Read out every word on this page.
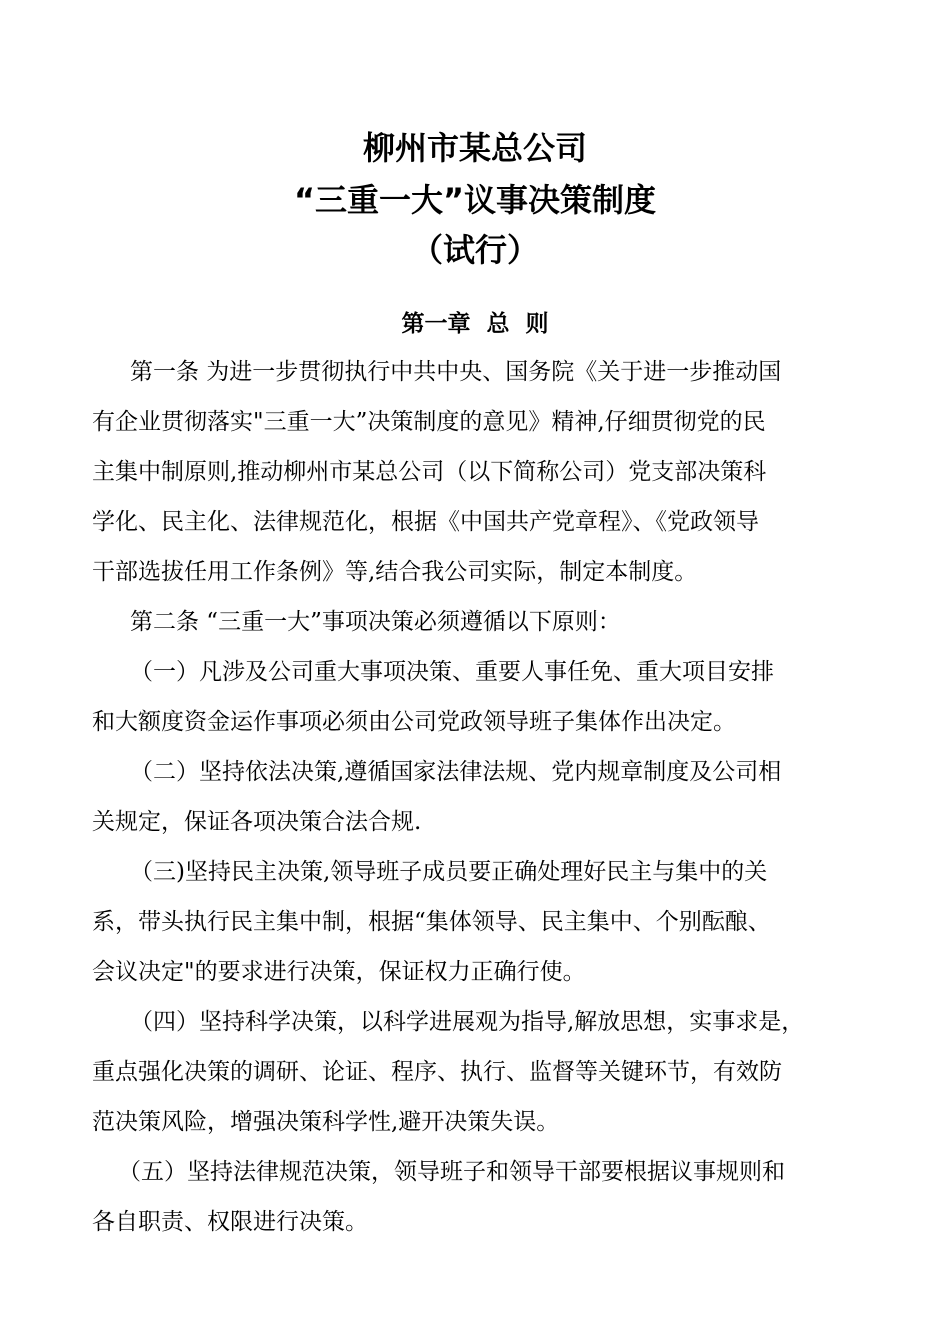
柳州市某总公司
“三重一大”议事决策制度
（试行）
第一章  总  则
第一条 为进一步贯彻执行中共中央、国务院《关于进一步推动国
有企业贯彻落实"三重一大”决策制度的意见》精神,仔细贯彻党的民
主集中制原则,推动柳州市某总公司（以下简称公司）党支部决策科
学化、民主化、法律规范化，根据《中国共产党章程》、《党政领导
干部选拔任用工作条例》等,结合我公司实际，制定本制度。
第二条 “三重一大”事项决策必须遵循以下原则：
（一）凡涉及公司重大事项决策、重要人事任免、重大项目安排
和大额度资金运作事项必须由公司党政领导班子集体作出决定。
（二）坚持依法决策,遵循国家法律法规、党内规章制度及公司相
关规定，保证各项决策合法合规.
（三)坚持民主决策,领导班子成员要正确处理好民主与集中的关
系，带头执行民主集中制，根据“集体领导、民主集中、个别酝酿、
会议决定"的要求进行决策，保证权力正确行使。
（四）坚持科学决策，以科学进展观为指导,解放思想，实事求是，
重点强化决策的调研、论证、程序、执行、监督等关键环节，有效防
范决策风险，增强决策科学性,避开决策失误。
（五）坚持法律规范决策，领导班子和领导干部要根据议事规则和
各自职责、权限进行决策。
